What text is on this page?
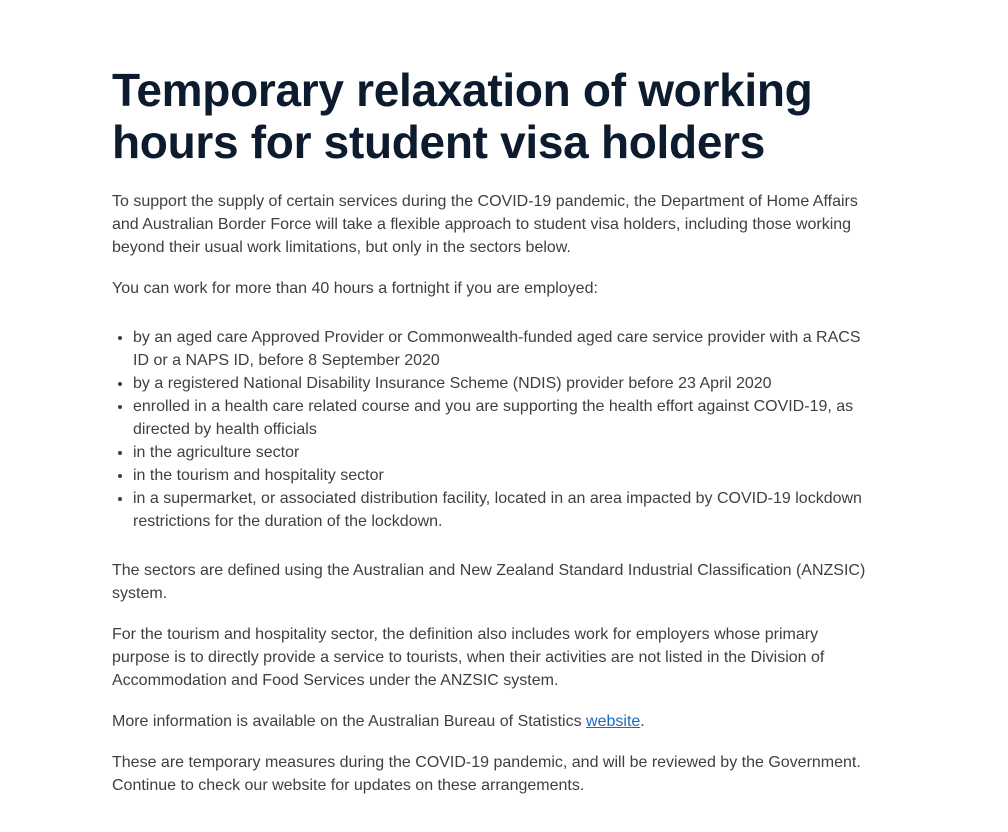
Temporary relaxation of working hours for student visa holders

To support the supply of certain services during the COVID-19 pandemic, the Department of Home Affairs and Australian Border Force will take a flexible approach to student visa holders, including those working beyond their usual work limitations, but only in the sectors below.

You can work for more than 40 hours a fortnight if you are employed:

• by an aged care Approved Provider or Commonwealth-funded aged care service provider with a RACS ID or a NAPS ID, before 8 September 2020
• by a registered National Disability Insurance Scheme (NDIS) provider before 23 April 2020
• enrolled in a health care related course and you are supporting the health effort against COVID-19, as directed by health officials
• in the agriculture sector
• in the tourism and hospitality sector
• in a supermarket, or associated distribution facility, located in an area impacted by COVID-19 lockdown restrictions for the duration of the lockdown.

The sectors are defined using the Australian and New Zealand Standard Industrial Classification (ANZSIC) system.

For the tourism and hospitality sector, the definition also includes work for employers whose primary purpose is to directly provide a service to tourists, when their activities are not listed in the Division of Accommodation and Food Services under the ANZSIC system.

More information is available on the Australian Bureau of Statistics website.

These are temporary measures during the COVID-19 pandemic, and will be reviewed by the Government. Continue to check our website for updates on these arrangements.
